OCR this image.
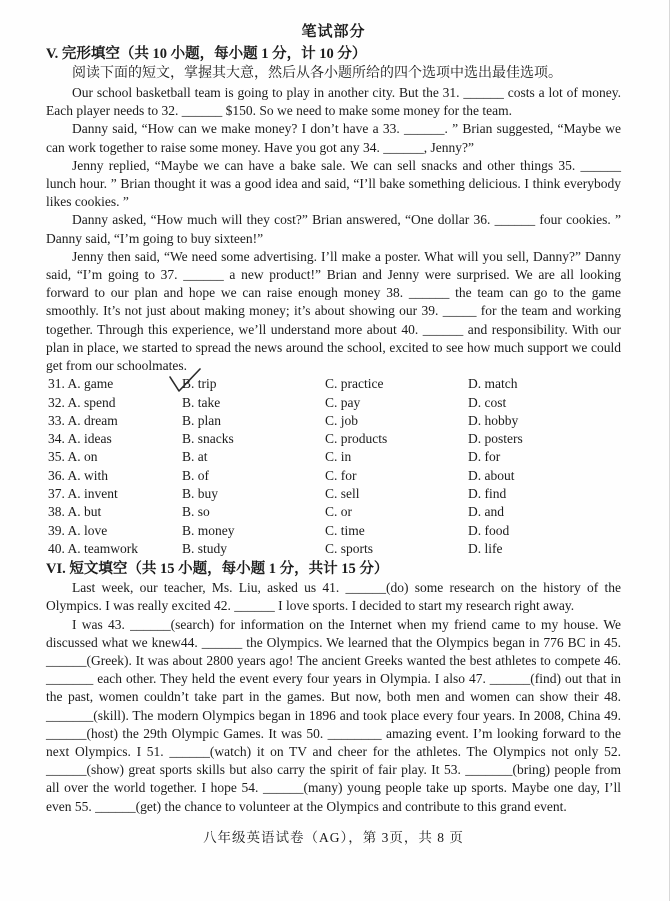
笔试部分
V. 完形填空（共 10 小题，每小题 1 分，计 10 分）
阅读下面的短文，掌握其大意，然后从各小题所给的四个选项中选出最佳选项。
Our school basketball team is going to play in another city. But the 31. ______ costs a lot of money. Each player needs to 32. ______ $150. So we need to make some money for the team.
Danny said, “How can we make money? I don’t have a 33. ______. ” Brian suggested, “Maybe we can work together to raise some money. Have you got any 34. ______, Jenny?”
Jenny replied, “Maybe we can have a bake sale. We can sell snacks and other things 35. ______ lunch hour. ” Brian thought it was a good idea and said, “I’ll bake something delicious. I think everybody likes cookies. ”
Danny asked, “How much will they cost?” Brian answered, “One dollar 36. ______ four cookies. ” Danny said, “I’m going to buy sixteen!”
Jenny then said, “We need some advertising. I’ll make a poster. What will you sell, Danny?” Danny said, “I’m going to 37. ______ a new product!” Brian and Jenny were surprised. We are all looking forward to our plan and hope we can raise enough money 38. ______ the team can go to the game smoothly. It’s not just about making money; it’s about showing our 39. _____ for the team and working together. Through this experience, we’ll understand more about 40. ______ and responsibility. With our plan in place, we started to spread the news around the school, excited to see how much support we could get from our schoolmates.
31. A. game	B. trip	C. practice	D. match
32. A. spend	B. take	C. pay	D. cost
33. A. dream	B. plan	C. job	D. hobby
34. A. ideas	B. snacks	C. products	D. posters
35. A. on	B. at	C. in	D. for
36. A. with	B. of	C. for	D. about
37. A. invent	B. buy	C. sell	D. find
38. A. but	B. so	C. or	D. and
39. A. love	B. money	C. time	D. food
40. A. teamwork	B. study	C. sports	D. life
VI. 短文填空（共 15 小题，每小题 1 分，共计 15 分）
Last week, our teacher, Ms. Liu, asked us 41. ______(do) some research on the history of the Olympics. I was really excited 42. ______ I love sports. I decided to start my research right away.
I was 43. ______(search) for information on the Internet when my friend came to my house. We discussed what we knew44. ______ the Olympics. We learned that the Olympics began in 776 BC in 45. ______(Greek). It was about 2800 years ago! The ancient Greeks wanted the best athletes to compete 46. _______ each other. They held the event every four years in Olympia. I also 47. ______(find) out that in the past, women couldn’t take part in the games. But now, both men and women can show their 48. _______(skill). The modern Olympics began in 1896 and took place every four years. In 2008, China 49. ______(host) the 29th Olympic Games. It was 50. ________ amazing event. I’m looking forward to the next Olympics. I 51. ______(watch) it on TV and cheer for the athletes. The Olympics not only 52. ______(show) great sports skills but also carry the spirit of fair play. It 53. _______(bring) people from all over the world together. I hope 54. ______(many) young people take up sports. Maybe one day, I’ll even 55. ______(get) the chance to volunteer at the Olympics and contribute to this grand event.
八年级英语试卷（AG），第 3页，共 8 页
